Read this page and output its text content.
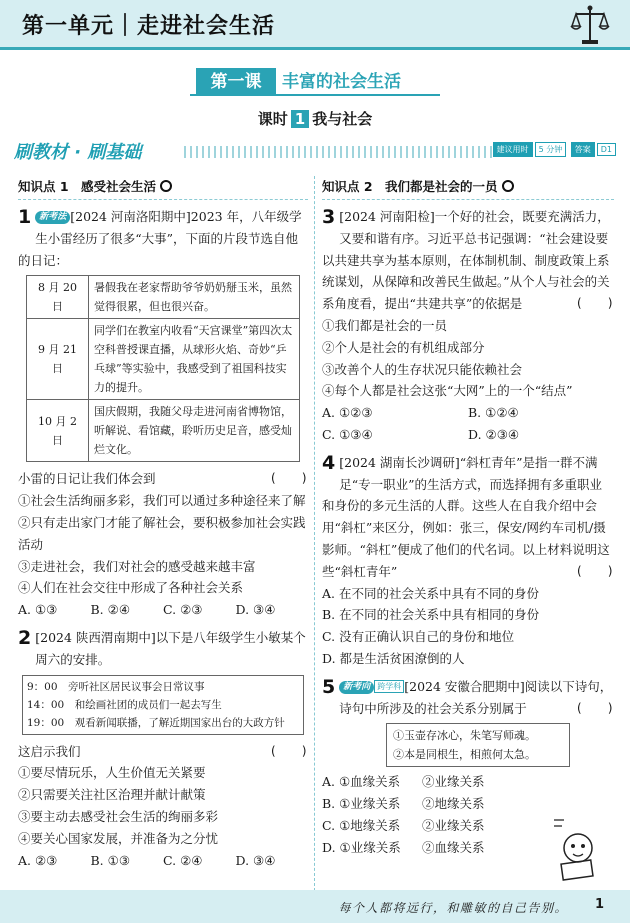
第一单元｜走进社会生活
第一课	丰富的社会生活
课时 1 我与社会
刷教材 · 刷基础	建议用时 5 分钟 答案 D1
知识点 1　感受社会生活
1 新考法 [2024 河南洛阳期中]2023 年，八年级学生小雷经历了很多“大事”，下面的片段节选自他的日记：
8 月 20 日	暑假我在老家帮助爷爷奶奶掰玉米，虽然觉得很累，但也很兴奋。
9 月 21 日	同学们在教室内收看“天宫课堂”第四次太空科普授课直播，从球形火焰、奇妙“乒乓球”等实验中，我感受到了祖国科技实力的提升。
10 月 2 日	国庆假期，我随父母走进河南省博物馆，听解说、看馆藏，聆听历史足音，感受灿烂文化。
小雷的日记让我们体会到	(　　)
①社会生活绚丽多彩，我们可以通过多种途径来了解
②只有走出家门才能了解社会，要积极参加社会实践活动
③走进社会，我们对社会的感受越来越丰富
④人们在社会交往中形成了各种社会关系
A. ①③	B. ②④	C. ②③	D. ③④
2 [2024 陕西渭南期中]以下是八年级学生小敏某个周六的安排。
9：00　旁听社区居民议事会日常议事
14：00　和绘画社团的成员们一起去写生
19：00　观看新闻联播，了解近期国家出台的大政方针
这启示我们	(　　)
①要尽情玩乐，人生价值无关紧要
②只需要关注社区治理并献计献策
③要主动去感受社会生活的绚丽多彩
④要关心国家发展，并准备为之分忧
A. ②③	B. ①③	C. ②④	D. ③④
知识点 2　我们都是社会的一员
3 [2024 河南阳检]一个好的社会，既要充满活力，又要和谐有序。习近平总书记强调：“社会建设要以共建共享为基本原则，在体制机制、制度政策上系统谋划，从保障和改善民生做起。”从个人与社会的关系角度看，提出“共建共享”的依据是	(　　)
①我们都是社会的一员
②个人是社会的有机组成部分
③改善个人的生存状况只能依赖社会
④每个人都是社会这张“大网”上的一个“结点”
A. ①②③	B. ①②④C. ①③④	D. ②③④
4 [2024 湖南长沙调研]“斜杠青年”是指一群不满足“专一职业”的生活方式，而选择拥有多重职业和身份的多元生活的人群。这些人在自我介绍中会用“斜杠”来区分，例如：张三，保安/网约车司机/摄影师。“斜杠”便成了他们的代名词。以上材料说明这些“斜杠青年”	(　　)
A. 在不同的社会关系中具有不同的身份
B. 在不同的社会关系中具有相同的身份
C. 没有正确认识自己的身份和地位
D. 都是生活贫困潦倒的人
5 新考向 跨学科 [2024 安徽合肥期中]阅读以下诗句，诗句中所涉及的社会关系分别属于	(　　)
①玉壶存冰心，朱笔写师魂。
②本是同根生，相煎何太急。
A. ①血缘关系 ②业缘关系
B. ①业缘关系 ②地缘关系
C. ①地缘关系 ②业缘关系
D. ①业缘关系 ②血缘关系
每个人都将远行，和雕敏的自己告别。 1
